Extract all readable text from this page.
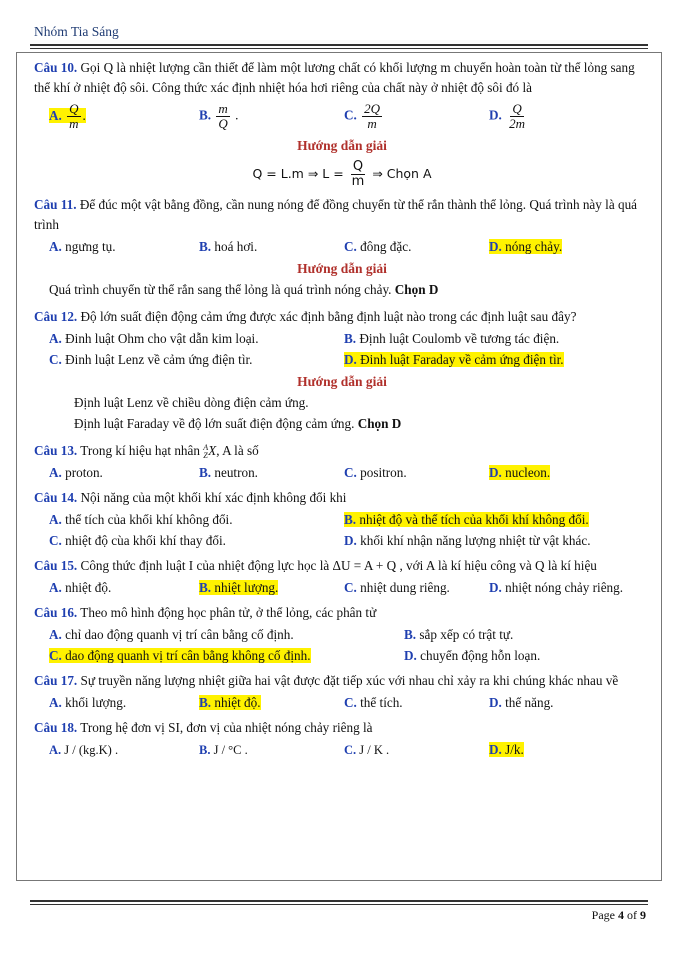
Nhóm Tia Sáng
Câu 10. Gọi Q là nhiệt lượng cần thiết để làm một lương chất có khối lượng m chuyển hoàn toàn từ thể lỏng sang thể khí ở nhiệt độ sôi. Công thức xác định nhiệt hóa hơi riêng của chất này ở nhiệt độ sôi đó là
A. $\frac{Q}{m}$ .	B. $\frac{m}{Q}$ .	C. $\frac{2Q}{m}$	D. $\frac{Q}{2m}$
Hướng dẫn giải
Q = L.m ⇒ $L = \frac{Q}{m}$ ⇒ Chọn A
Câu 11. Để đúc một vật bằng đồng, cần nung nóng để đồng chuyển từ thể rắn thành thể lỏng. Quá trình này là quá trình
A. ngưng tụ.	B. hoá hơi.	C. đông đặc.	D. nóng chảy.
Hướng dẫn giải
Quá trình chuyển từ thể rắn sang thể lỏng là quá trình nóng chảy. Chọn D
Câu 12. Độ lớn suất điện động cảm ứng được xác định bằng định luật nào trong các định luật sau đây?
A. Đinh luật Ohm cho vật dẫn kim loại.	B. Định luật Coulomb về tương tác điện.
C. Đinh luật Lenz về cảm ứng điện tìr.	D. Đinh luật Faraday về cảm ứng điện tìr.
Hướng dẫn giải
Định luật Lenz về chiều dòng điện cảm ứng.
Định luật Faraday về độ lớn suất điện động cảm ứng. Chọn D
Câu 13. Trong kí hiệu hạt nhân A
Z X, A là số
A. proton.	B. neutron.	C. positron.	D. nucleon.
Câu 14. Nội năng của một khối khí xác định không đổi khi
A. thể tích của khối khí không đổi.	B. nhiệt độ và thể tích của khối khí không đổi.
C. nhiệt độ cùa khối khí thay đổi.	D. khối khí nhận năng lượng nhiệt từ vật khác.
Câu 15. Công thức định luật I của nhiệt động lực học là ΔU = A + Q , với A là kí hiệu công và Q là kí hiệu
A. nhiệt độ.	B. nhiệt lượng.	C. nhiệt dung riêng.	D. nhiệt nóng chảy riêng.
Câu 16. Theo mô hình động học phân tử, ở thể lỏng, các phân tử
A. chỉ dao động quanh vị trí cân bằng cố định.	B. sắp xếp có trật tự.
C. dao động quanh vị trí cân bằng không cố định.	D. chuyển động hỗn loạn.
Câu 17. Sự truyền năng lượng nhiệt giữa hai vật được đặt tiếp xúc với nhau chỉ xảy ra khi chúng khác nhau về
A. khối lượng.	B. nhiệt độ.	C. thể tích.	D. thế năng.
Câu 18. Trong hệ đơn vị SI, đơn vị của nhiệt nóng chảy riêng là
A. J / (kg.K) .	B. J / °C .	C. J / K .	D. J/k.
Page 4 of 9
